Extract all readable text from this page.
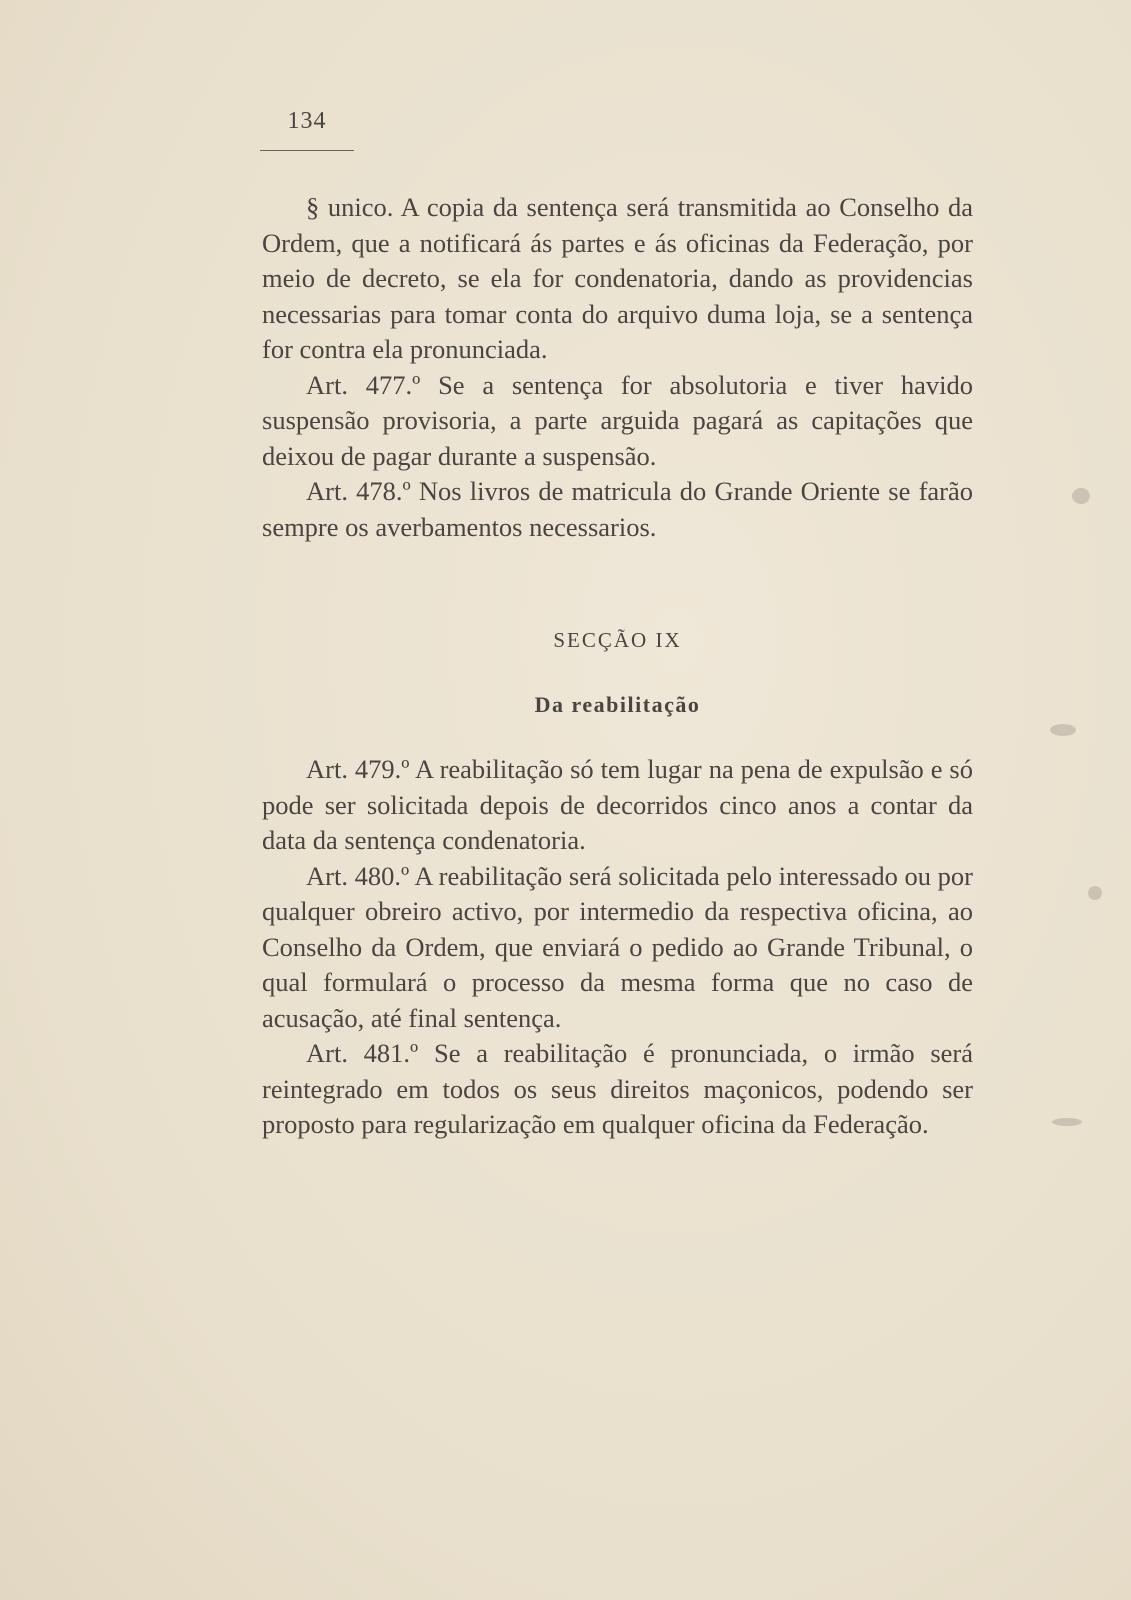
134

§ unico. A copia da sentença será transmitida ao Conselho da Ordem, que a notificará ás partes e ás oficinas da Federação, por meio de decreto, se ela for condenatoria, dando as providencias necessarias para tomar conta do arquivo duma loja, se a sentença for contra ela pronunciada.

Art. 477.º Se a sentença for absolutoria e tiver havido suspensão provisoria, a parte arguida pagará as capitações que deixou de pagar durante a suspensão.

Art. 478.º Nos livros de matricula do Grande Oriente se farão sempre os averbamentos necessarios.

SECÇÃO IX
Da reabilitação

Art. 479.º A reabilitação só tem lugar na pena de expulsão e só pode ser solicitada depois de decorridos cinco anos a contar da data da sentença condenatoria.

Art. 480.º A reabilitação será solicitada pelo interessado ou por qualquer obreiro activo, por intermedio da respectiva oficina, ao Conselho da Ordem, que enviará o pedido ao Grande Tribunal, o qual formulará o processo da mesma forma que no caso de acusação, até final sentença.

Art. 481.º Se a reabilitação é pronunciada, o irmão será reintegrado em todos os seus direitos maçonicos, podendo ser proposto para regularização em qualquer oficina da Federação.
